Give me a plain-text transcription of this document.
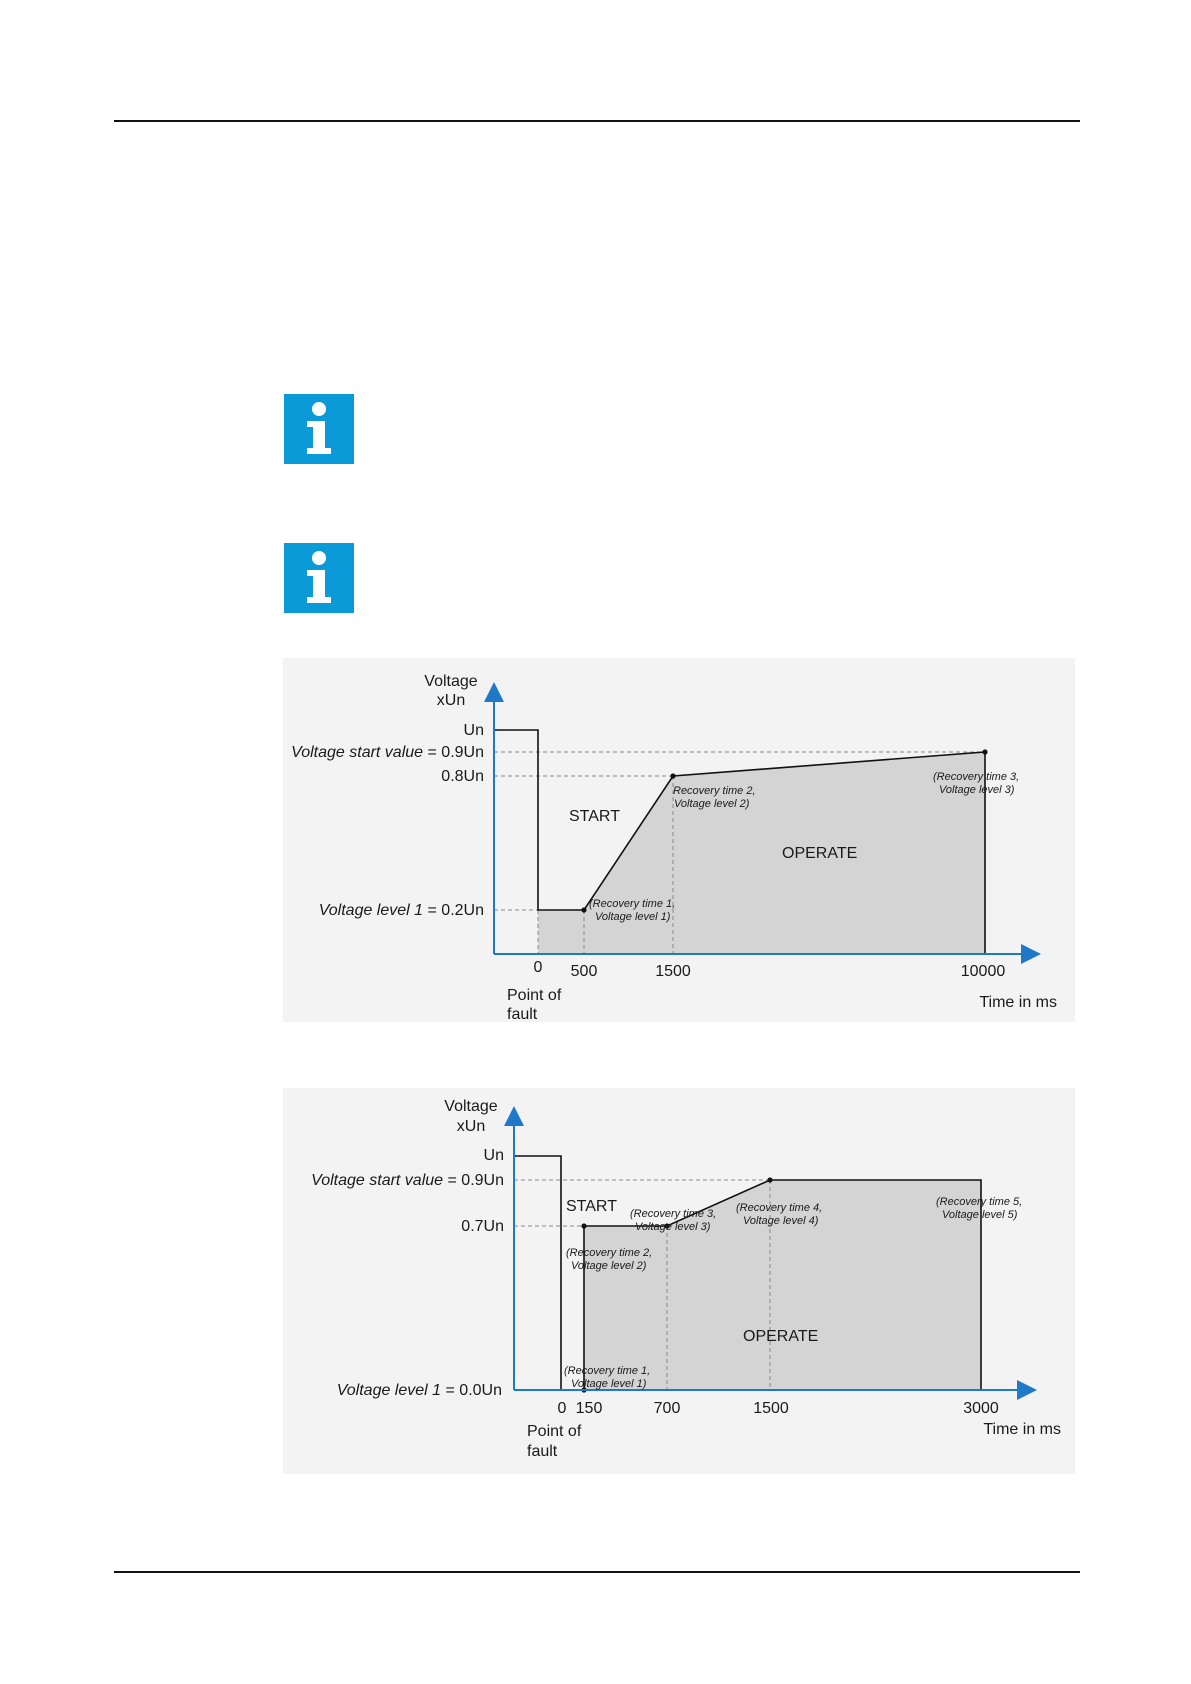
Voltage
xUn
Un
Voltage start value = 0.9Un
0.8Un
Voltage level 1 = 0.2Un
0 500	1500	10000
Point of
fault
Time in ms
START
OPERATE
(Recovery time 1,
Voltage level 1)
Recovery time 2,
Voltage level 2)
(Recovery time 3,
Voltage level 3)
Voltage
xUn
Un
Voltage start value = 0.9Un
0.7Un
Voltage level 1 = 0.0Un
0 150	700	1500	3000
Point of
fault
Time in ms
START
OPERATE
(Recovery time 1,
Voltage level 1)
(Recovery time 2,
Voltage level 2)
(Recovery time 3,
Voltage level 3)
(Recovery time 4,
Voltage level 4)
(Recovery time 5,
Voltage level 5)
